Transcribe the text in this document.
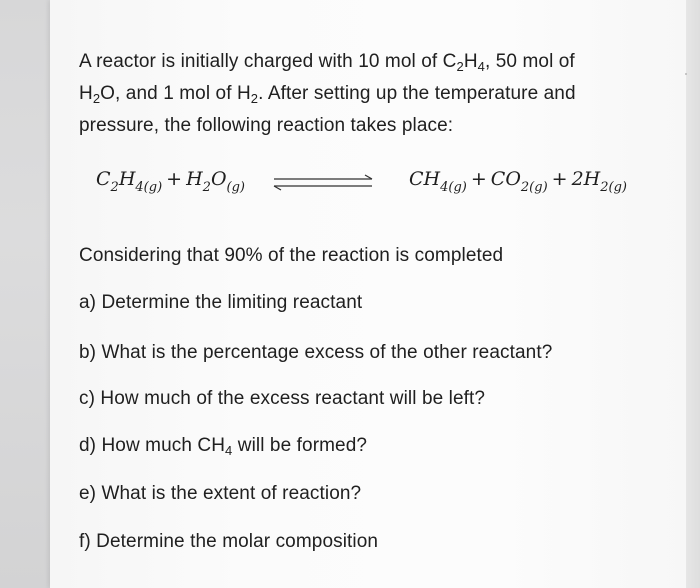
A reactor is initially charged with 10 mol of $C_2H_4$, 50 mol of
$H_2O$, and 1 mol of $H_2$. After setting up the temperature and
pressure, the following reaction takes place:
$C_2H_{4(g)} + H_2O_{(g)}$	$CH_{4(g)} + CO_{2(g)} + 2H_{2(g)}$
Considering that 90% of the reaction is completed
a) Determine the limiting reactant
b) What is the percentage excess of the other reactant?
c) How much of the excess reactant will be left?
d) How much $CH_4$ will be formed?
e) What is the extent of reaction?
f) Determine the molar composition
